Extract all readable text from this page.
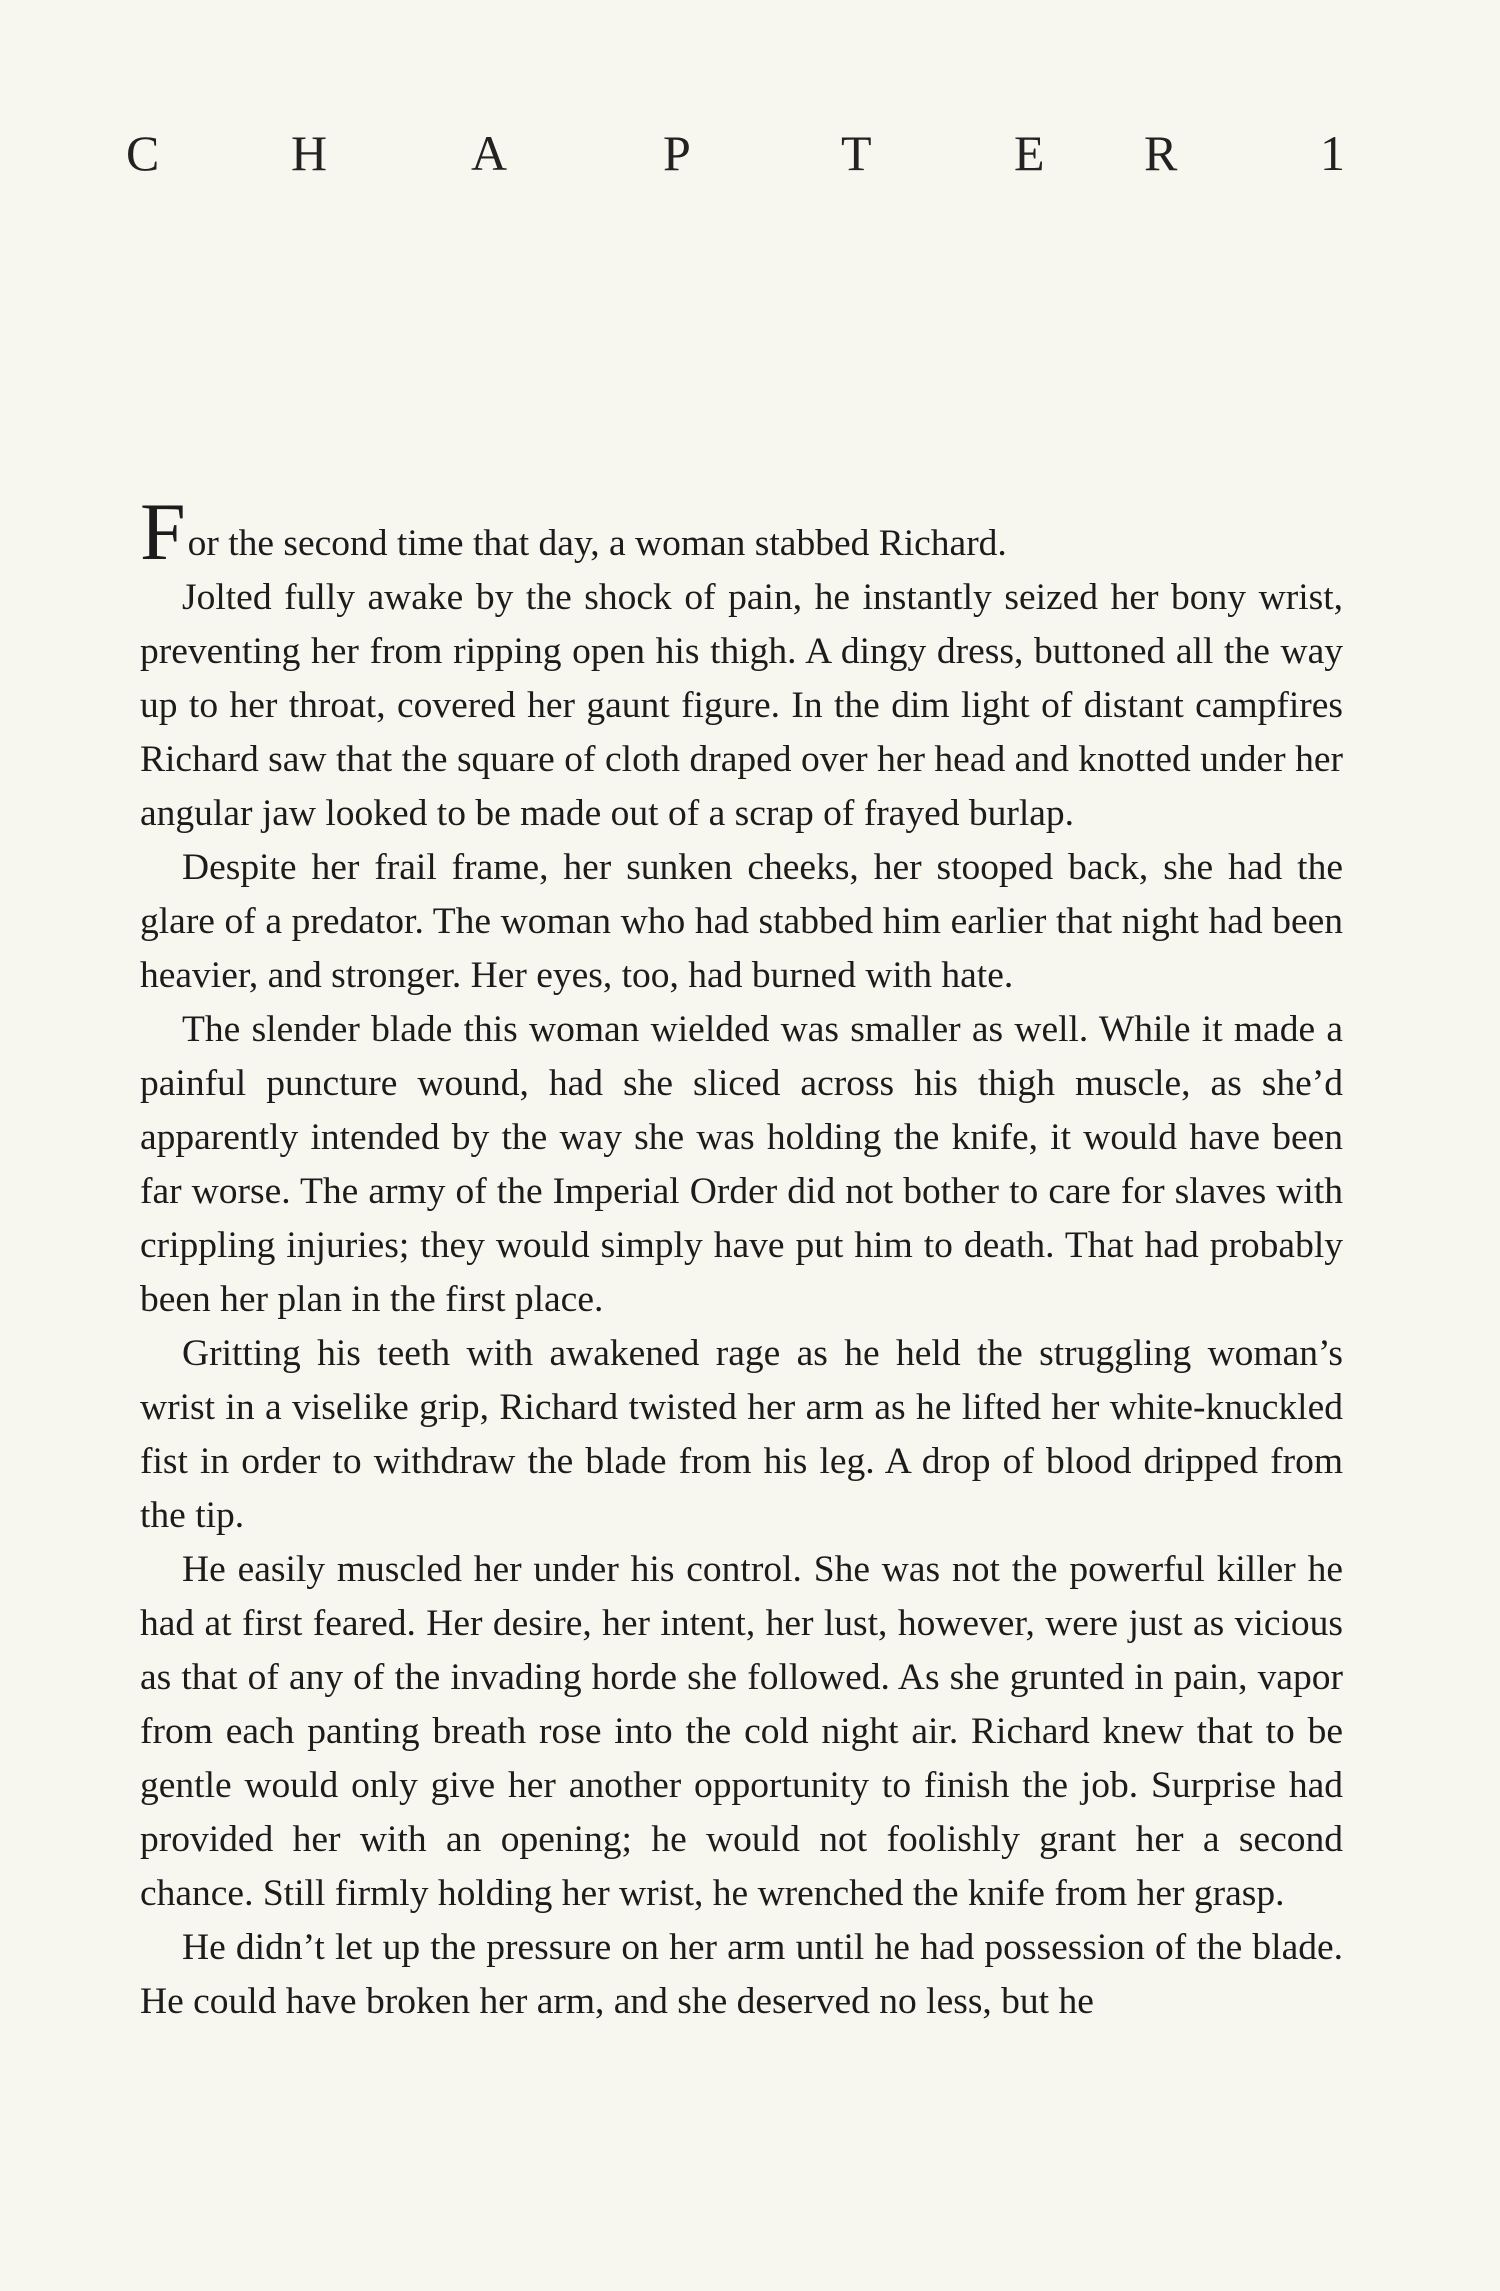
C	H	A	P	T	E R	1

For the second time that day, a woman stabbed Richard.

Jolted fully awake by the shock of pain, he instantly seized her bony wrist, preventing her from ripping open his thigh. A dingy dress, buttoned all the way up to her throat, covered her gaunt figure. In the dim light of distant campfires Richard saw that the square of cloth draped over her head and knotted under her angular jaw looked to be made out of a scrap of frayed burlap.

Despite her frail frame, her sunken cheeks, her stooped back, she had the glare of a predator. The woman who had stabbed him earlier that night had been heavier, and stronger. Her eyes, too, had burned with hate.

The slender blade this woman wielded was smaller as well. While it made a painful puncture wound, had she sliced across his thigh muscle, as she’d apparently intended by the way she was holding the knife, it would have been far worse. The army of the Imperial Order did not bother to care for slaves with crippling injuries; they would simply have put him to death. That had probably been her plan in the first place.

Gritting his teeth with awakened rage as he held the struggling woman’s wrist in a viselike grip, Richard twisted her arm as he lifted her white-knuckled fist in order to withdraw the blade from his leg. A drop of blood dripped from the tip.

He easily muscled her under his control. She was not the powerful killer he had at first feared. Her desire, her intent, her lust, however, were just as vicious as that of any of the invading horde she followed. As she grunted in pain, vapor from each panting breath rose into the cold night air. Richard knew that to be gentle would only give her another opportunity to finish the job. Surprise had provided her with an opening; he would not foolishly grant her a second chance. Still firmly holding her wrist, he wrenched the knife from her grasp.

He didn’t let up the pressure on her arm until he had possession of the blade. He could have broken her arm, and she deserved no less, but he
